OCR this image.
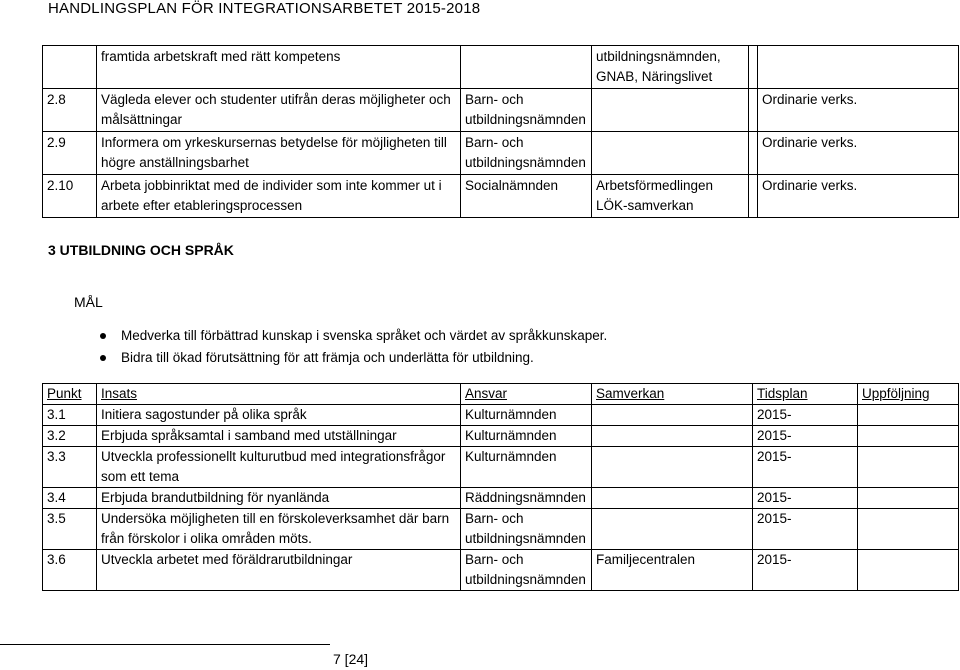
HANDLINGSPLAN FÖR INTEGRATIONSARBETET 2015-2018
	framtida arbetskraft med rätt kompetens		utbildningsnämnden, GNAB, Näringslivet		
2.8	Vägleda elever och studenter utifrån deras möjligheter och målsättningar	Barn- och utbildningsnämnden			Ordinarie verks.
2.9	Informera om yrkeskursernas betydelse för möjligheten till högre anställningsbarhet	Barn- och utbildningsnämnden			Ordinarie verks.
2.10	Arbeta jobbinriktat med de individer som inte kommer ut i arbete efter etableringsprocessen	Socialnämnden	Arbetsförmedlingen LÖK-samverkan		Ordinarie verks.
3 UTBILDNING OCH SPRÅK
MÅL
Medverka till förbättrad kunskap i svenska språket och värdet av språkkunskaper.
Bidra till ökad förutsättning för att främja och underlätta för utbildning.
Punkt	Insats	Ansvar	Samverkan	Tidsplan	Uppföljning
3.1	Initiera sagostunder på olika språk	Kulturnämnden		2015-	
3.2	Erbjuda språksamtal i samband med utställningar	Kulturnämnden		2015-	
3.3	Utveckla professionellt kulturutbud med integrationsfrågor som ett tema	Kulturnämnden		2015-	
3.4	Erbjuda brandutbildning för nyanlända	Räddningsnämnden		2015-	
3.5	Undersöka möjligheten till en förskoleverksamhet där barn från förskolor i olika områden möts.	Barn- och utbildningsnämnden		2015-	
3.6	Utveckla arbetet med föräldrarutbildningar	Barn- och utbildningsnämnden	Familjecentralen	2015-	
7 [24]
